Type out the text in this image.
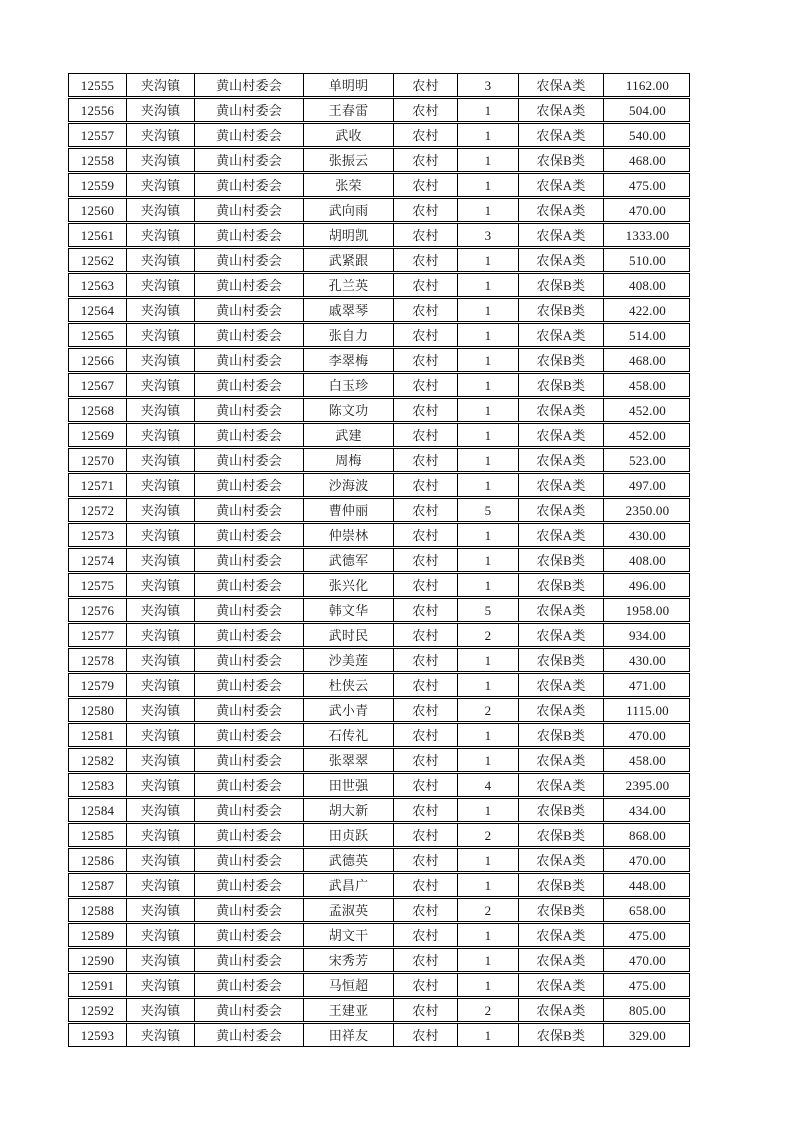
12555	夹沟镇	黄山村委会	单明明	农村	3	农保A类	1162.00
12556	夹沟镇	黄山村委会	王春雷	农村	1	农保A类	504.00
12557	夹沟镇	黄山村委会	武收	农村	1	农保A类	540.00
12558	夹沟镇	黄山村委会	张振云	农村	1	农保B类	468.00
12559	夹沟镇	黄山村委会	张荣	农村	1	农保A类	475.00
12560	夹沟镇	黄山村委会	武向雨	农村	1	农保A类	470.00
12561	夹沟镇	黄山村委会	胡明凯	农村	3	农保A类	1333.00
12562	夹沟镇	黄山村委会	武紧跟	农村	1	农保A类	510.00
12563	夹沟镇	黄山村委会	孔兰英	农村	1	农保B类	408.00
12564	夹沟镇	黄山村委会	戚翠琴	农村	1	农保B类	422.00
12565	夹沟镇	黄山村委会	张自力	农村	1	农保A类	514.00
12566	夹沟镇	黄山村委会	李翠梅	农村	1	农保B类	468.00
12567	夹沟镇	黄山村委会	白玉珍	农村	1	农保B类	458.00
12568	夹沟镇	黄山村委会	陈文功	农村	1	农保A类	452.00
12569	夹沟镇	黄山村委会	武建	农村	1	农保A类	452.00
12570	夹沟镇	黄山村委会	周梅	农村	1	农保A类	523.00
12571	夹沟镇	黄山村委会	沙海波	农村	1	农保A类	497.00
12572	夹沟镇	黄山村委会	曹仲丽	农村	5	农保A类	2350.00
12573	夹沟镇	黄山村委会	仲崇林	农村	1	农保A类	430.00
12574	夹沟镇	黄山村委会	武德军	农村	1	农保B类	408.00
12575	夹沟镇	黄山村委会	张兴化	农村	1	农保B类	496.00
12576	夹沟镇	黄山村委会	韩文华	农村	5	农保A类	1958.00
12577	夹沟镇	黄山村委会	武时民	农村	2	农保A类	934.00
12578	夹沟镇	黄山村委会	沙美莲	农村	1	农保B类	430.00
12579	夹沟镇	黄山村委会	杜侠云	农村	1	农保A类	471.00
12580	夹沟镇	黄山村委会	武小青	农村	2	农保A类	1115.00
12581	夹沟镇	黄山村委会	石传礼	农村	1	农保B类	470.00
12582	夹沟镇	黄山村委会	张翠翠	农村	1	农保A类	458.00
12583	夹沟镇	黄山村委会	田世强	农村	4	农保A类	2395.00
12584	夹沟镇	黄山村委会	胡大新	农村	1	农保B类	434.00
12585	夹沟镇	黄山村委会	田贞跃	农村	2	农保B类	868.00
12586	夹沟镇	黄山村委会	武德英	农村	1	农保A类	470.00
12587	夹沟镇	黄山村委会	武昌广	农村	1	农保B类	448.00
12588	夹沟镇	黄山村委会	孟淑英	农村	2	农保B类	658.00
12589	夹沟镇	黄山村委会	胡文干	农村	1	农保A类	475.00
12590	夹沟镇	黄山村委会	宋秀芳	农村	1	农保A类	470.00
12591	夹沟镇	黄山村委会	马恒超	农村	1	农保A类	475.00
12592	夹沟镇	黄山村委会	王建亚	农村	2	农保A类	805.00
12593	夹沟镇	黄山村委会	田祥友	农村	1	农保B类	329.00
